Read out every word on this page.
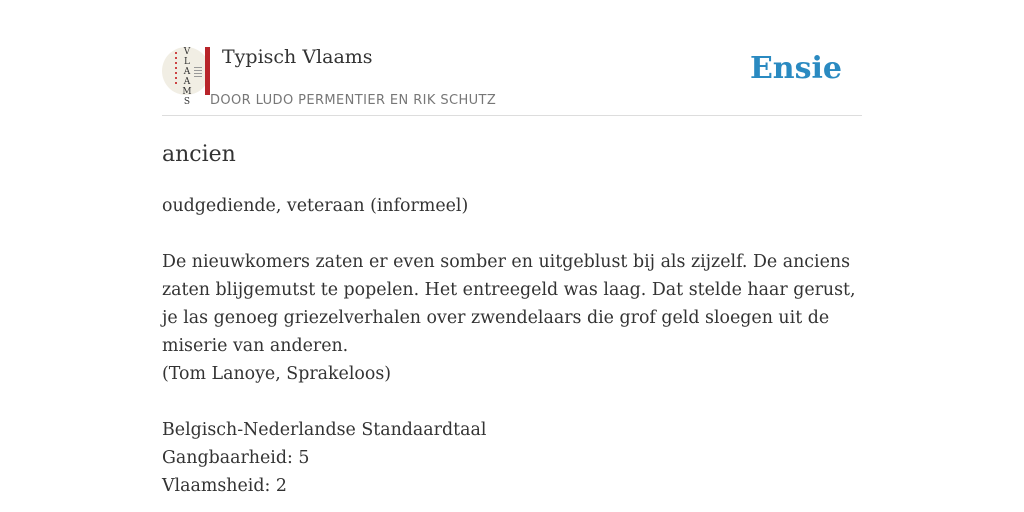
V
L
A
A
M
S
Typisch Vlaams
DOOR LUDO PERMENTIER EN RIK SCHUTZ
Ensie
ancien

oudgediende, veteraan (informeel)

De nieuwkomers zaten er even somber en uitgeblust bij als zijzelf. De anciens zaten blijgemutst te popelen. Het entreegeld was laag. Dat stelde haar gerust, je las genoeg griezelverhalen over zwendelaars die grof geld sloegen uit de miserie van anderen.

(Tom Lanoye, Sprakeloos)

Belgisch-Nederlandse Standaardtaal

Gangbaarheid: 5

Vlaamsheid: 2
